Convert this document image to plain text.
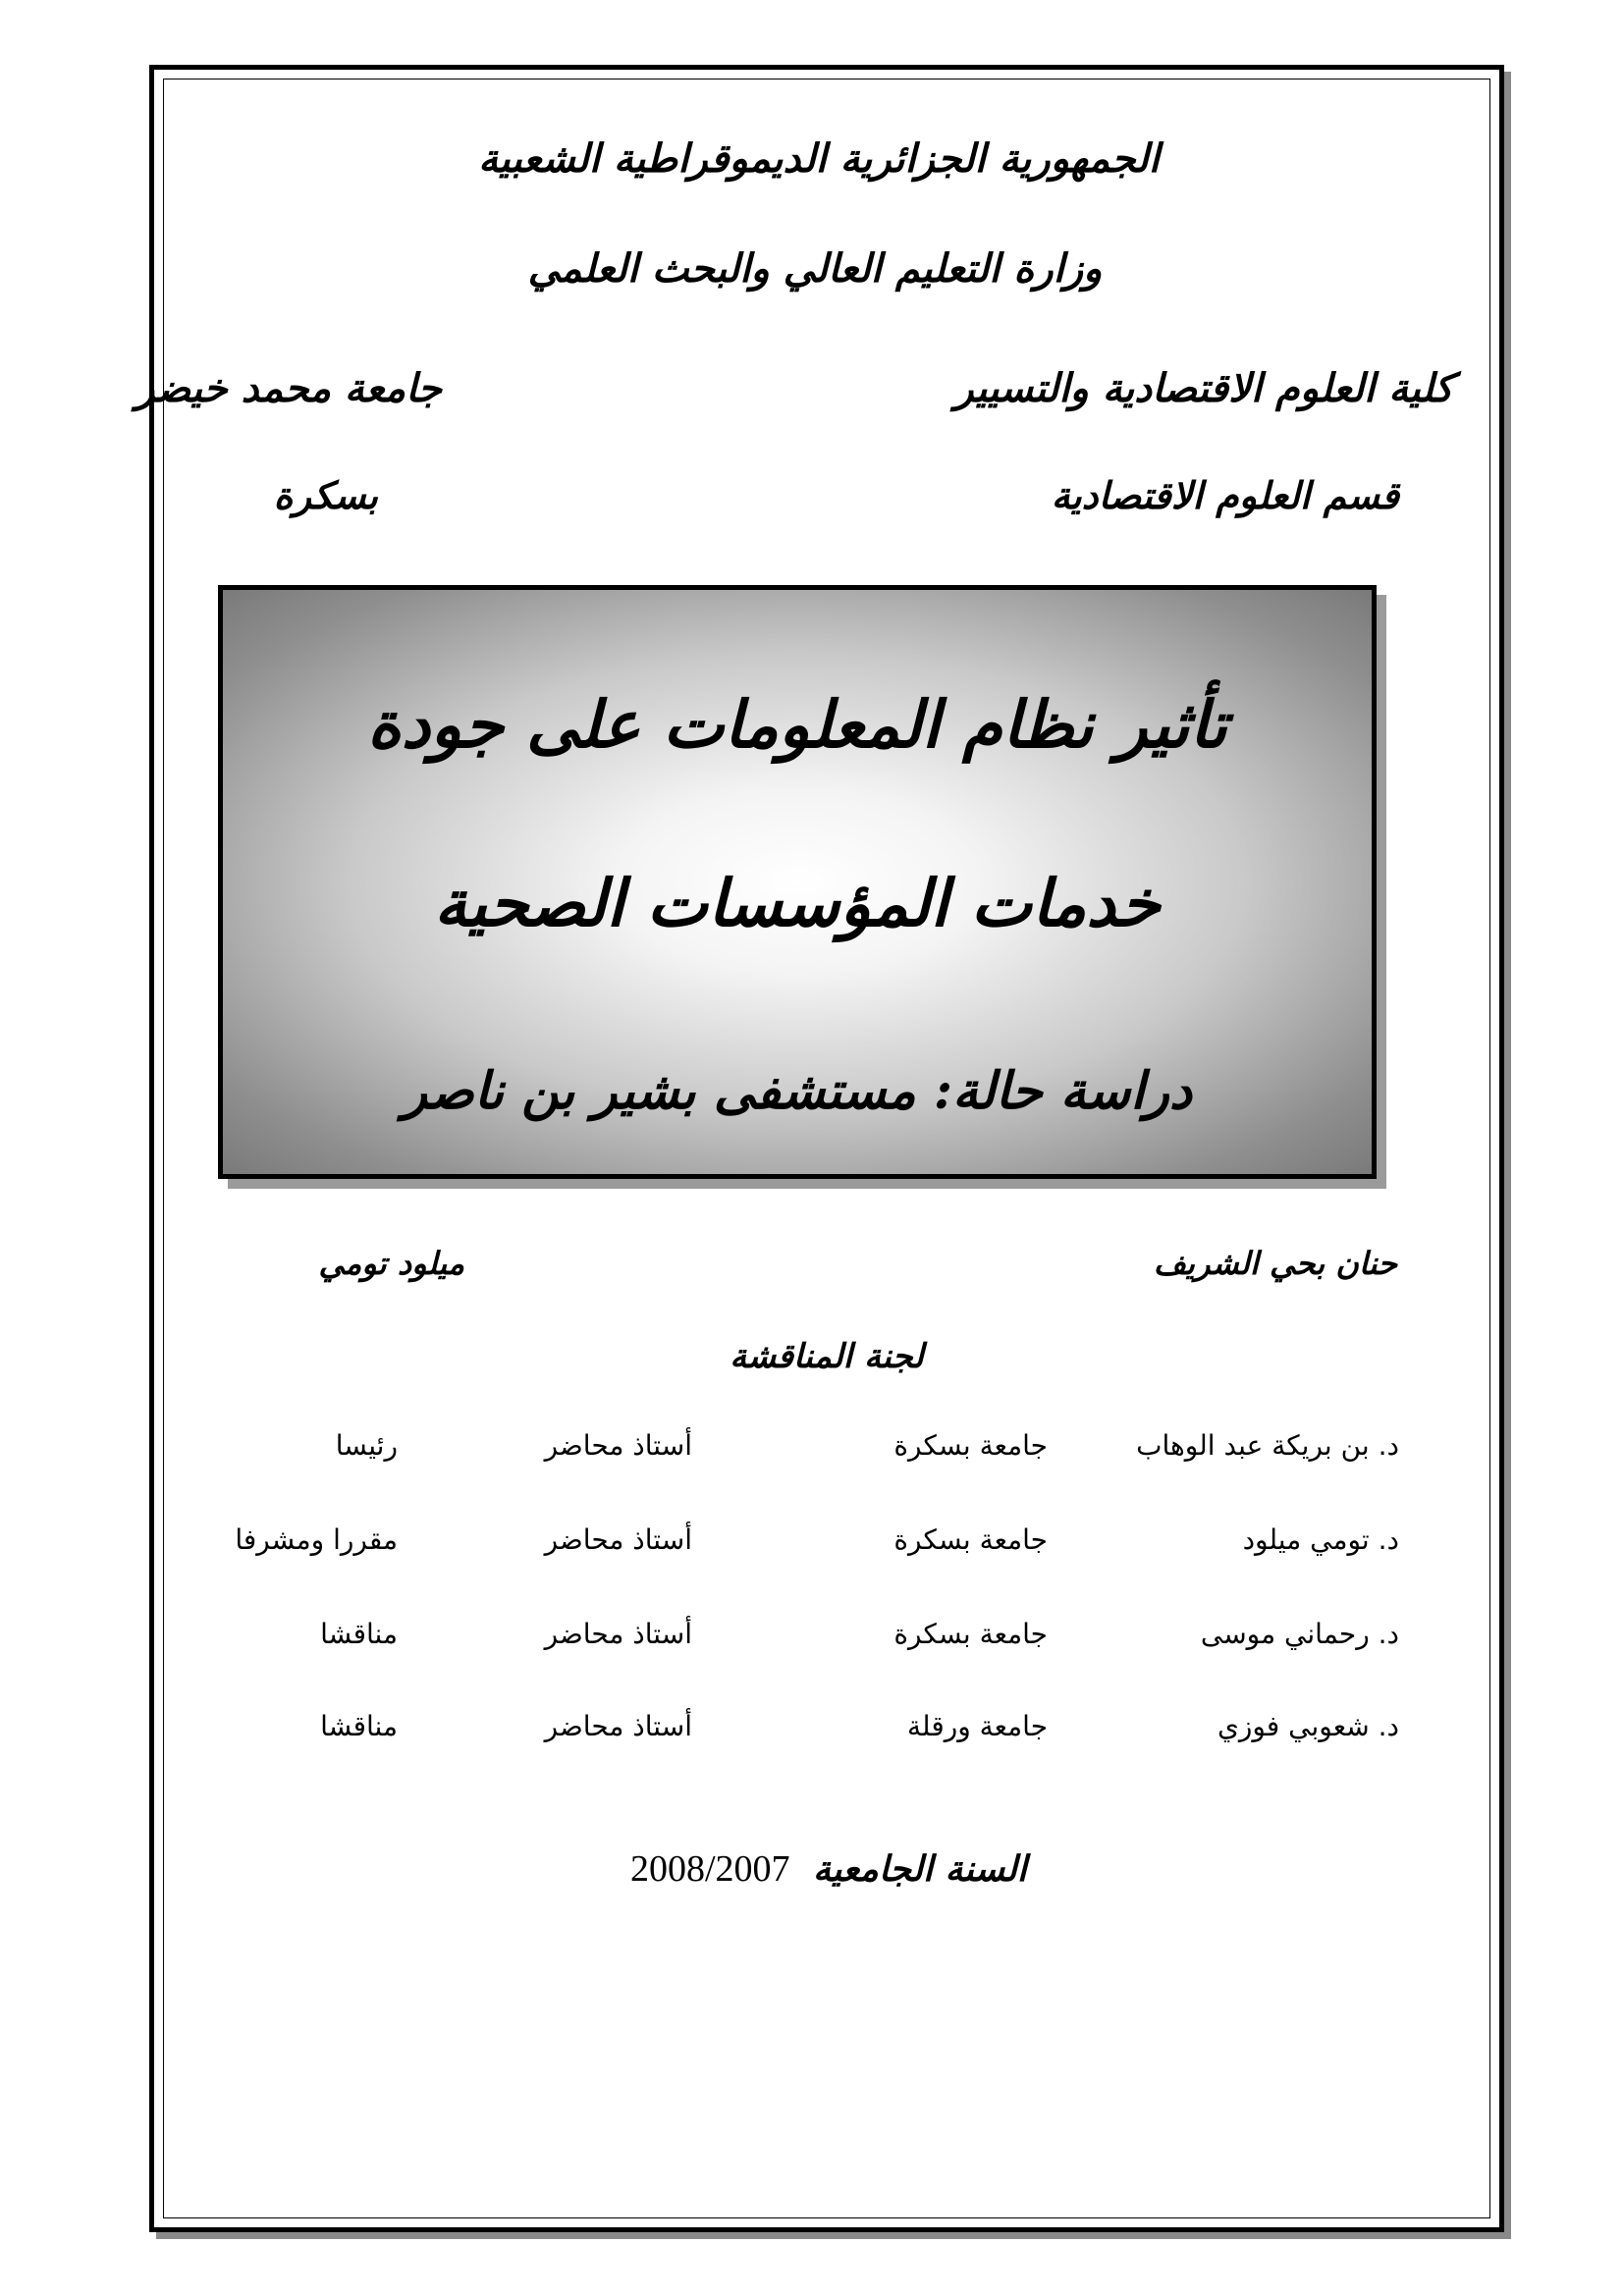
الجمهورية الجزائرية الديموقراطية الشعبية
وزارة التعليم العالي والبحث العلمي
كلية العلوم الاقتصادية والتسيير
جامعة محمد خيضر
قسم العلوم الاقتصادية
بسكرة
تأثير نظام المعلومات على جودة
خدمات المؤسسات الصحية
دراسة حالة: مستشفى بشير بن ناصر
حنان بحي الشريف
ميلود تومي
لجنة المناقشة
د. بن بريكة عبد الوهاب
جامعة بسكرة
أستاذ محاضر
رئيسا
د. تومي ميلود
جامعة بسكرة
أستاذ محاضر
مقررا ومشرفا
د. رحماني موسى
جامعة بسكرة
أستاذ محاضر
مناقشا
د. شعوبي فوزي
جامعة ورقلة
أستاذ محاضر
مناقشا
السنة الجامعية 2008/2007
